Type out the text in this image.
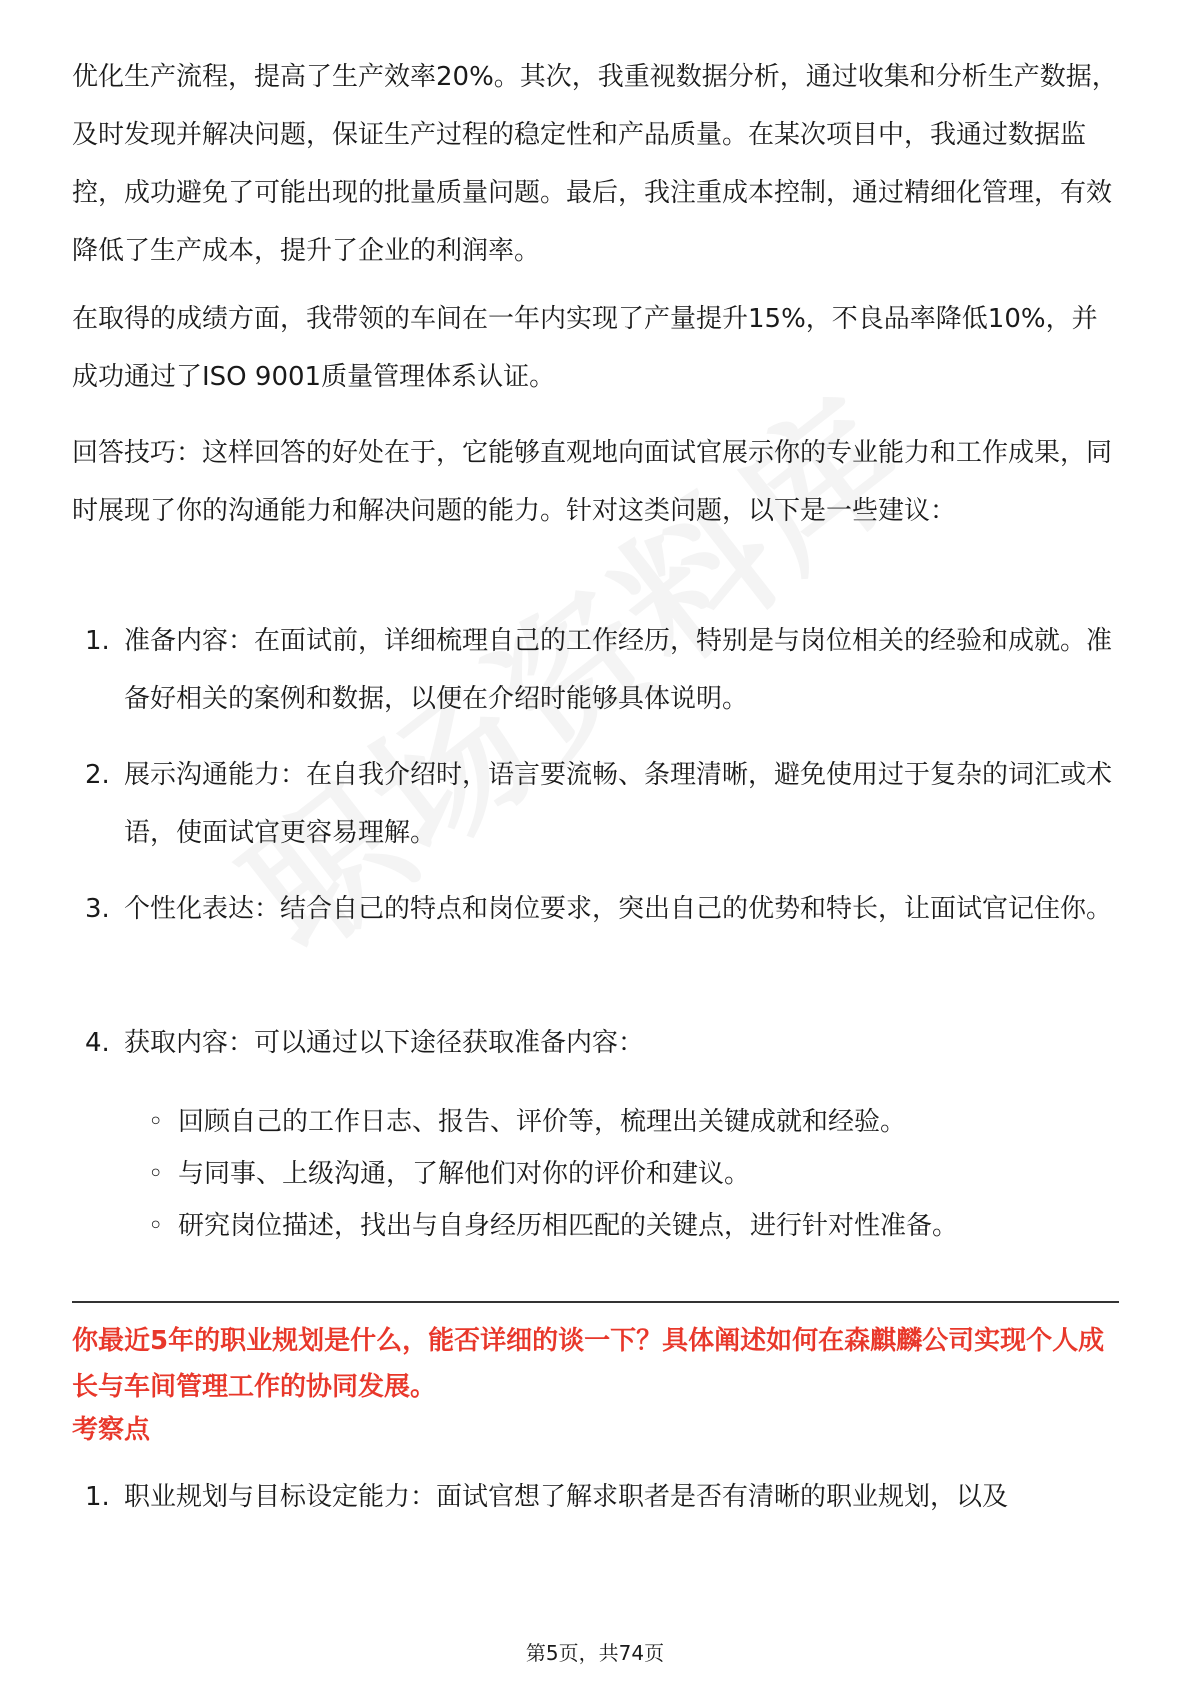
优化生产流程，提高了生产效率20%。其次，我重视数据分析，通过收集和分析生产数据，及时发现并解决问题，保证生产过程的稳定性和产品质量。在某次项目中，我通过数据监控，成功避免了可能出现的批量质量问题。最后，我注重成本控制，通过精细化管理，有效降低了生产成本，提升了企业的利润率。

在取得的成绩方面，我带领的车间在一年内实现了产量提升15%，不良品率降低10%，并成功通过了ISO 9001质量管理体系认证。

回答技巧：这样回答的好处在于，它能够直观地向面试官展示你的专业能力和工作成果，同时展现了你的沟通能力和解决问题的能力。针对这类问题，以下是一些建议：

1. 准备内容：在面试前，详细梳理自己的工作经历，特别是与岗位相关的经验和成就。准备好相关的案例和数据，以便在介绍时能够具体说明。
2. 展示沟通能力：在自我介绍时，语言要流畅、条理清晰，避免使用过于复杂的词汇或术语，使面试官更容易理解。
3. 个性化表达：结合自己的特点和岗位要求，突出自己的优势和特长，让面试官记住你。
4. 获取内容：可以通过以下途径获取准备内容：
◦ 回顾自己的工作日志、报告、评价等，梳理出关键成就和经验。
◦ 与同事、上级沟通，了解他们对你的评价和建议。
◦ 研究岗位描述，找出与自身经历相匹配的关键点，进行针对性准备。
你最近5年的职业规划是什么，能否详细的谈一下？具体阐述如何在森麒麟公司实现个人成长与车间管理工作的协同发展。
考察点
1. 职业规划与目标设定能力：面试官想了解求职者是否有清晰的职业规划，以及
第5页，共74页
